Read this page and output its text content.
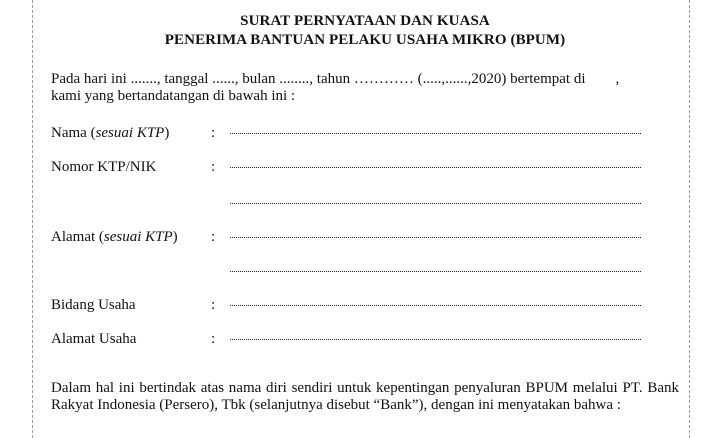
SURAT PERNYATAAN DAN KUASA
PENERIMA BANTUAN PELAKU USAHA MIKRO (BPUM)
Pada hari ini ......., tanggal ......, bulan ........, tahun ………… (.....,......,2020) bertempat di        ,
kami yang bertandatangan di bawah ini :
Nama (sesuai KTP)	:
Nomor KTP/NIK	:
Alamat (sesuai KTP) :
Bidang Usaha	:
Alamat Usaha	:
Dalam hal ini bertindak atas nama diri sendiri untuk kepentingan penyaluran BPUM melalui PT. Bank Rakyat Indonesia (Persero), Tbk (selanjutnya disebut “Bank”), dengan ini menyatakan bahwa :
